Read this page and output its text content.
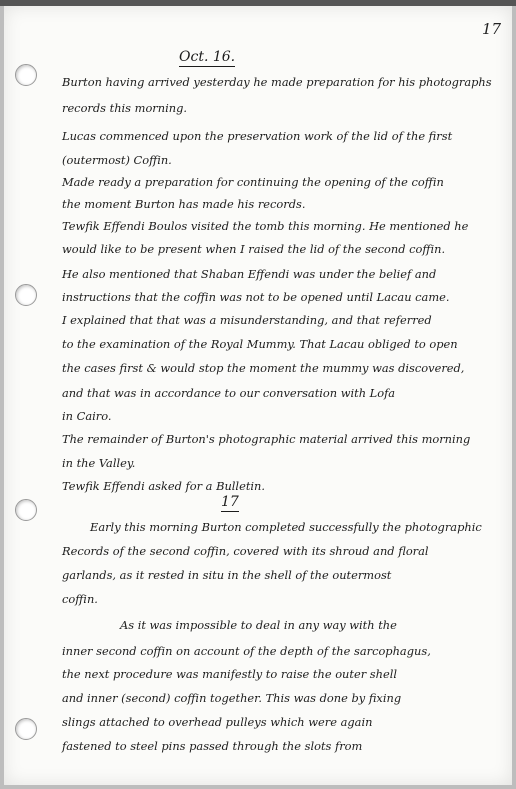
17
Oct. 16.
Burton having arrived yesterday he made preparation for his photographs
records this morning.
Lucas commenced upon the preservation work of the lid of the first
(outermost) Coffin.
Made ready a preparation for continuing the opening of the coffin
the moment Burton has made his records.
Tewfik Effendi Boulos visited the tomb this morning. He mentioned he
would like to be present when I raised the lid of the second coffin.
He also mentioned that Shaban Effendi was under the belief and
instructions that the coffin was not to be opened until Lacau came.
I explained that that was a misunderstanding, and that referred
to the examination of the Royal Mummy. That Lacau obliged to open
the cases first & would stop the moment the mummy was discovered,
and that was in accordance to our conversation with Lofa
in Cairo.
The remainder of Burton's photographic material arrived this morning
in the Valley.
Tewfik Effendi asked for a Bulletin.
17
Early this morning Burton completed successfully the photographic
Records of the second coffin, covered with its shroud and floral
garlands, as it rested in situ in the shell of the outermost
coffin.
As it was impossible to deal in any way with the
inner second coffin on account of the depth of the sarcophagus,
the next procedure was manifestly to raise the outer shell
and inner (second) coffin together. This was done by fixing
slings attached to overhead pulleys which were again
fastened to steel pins passed through the slots from
